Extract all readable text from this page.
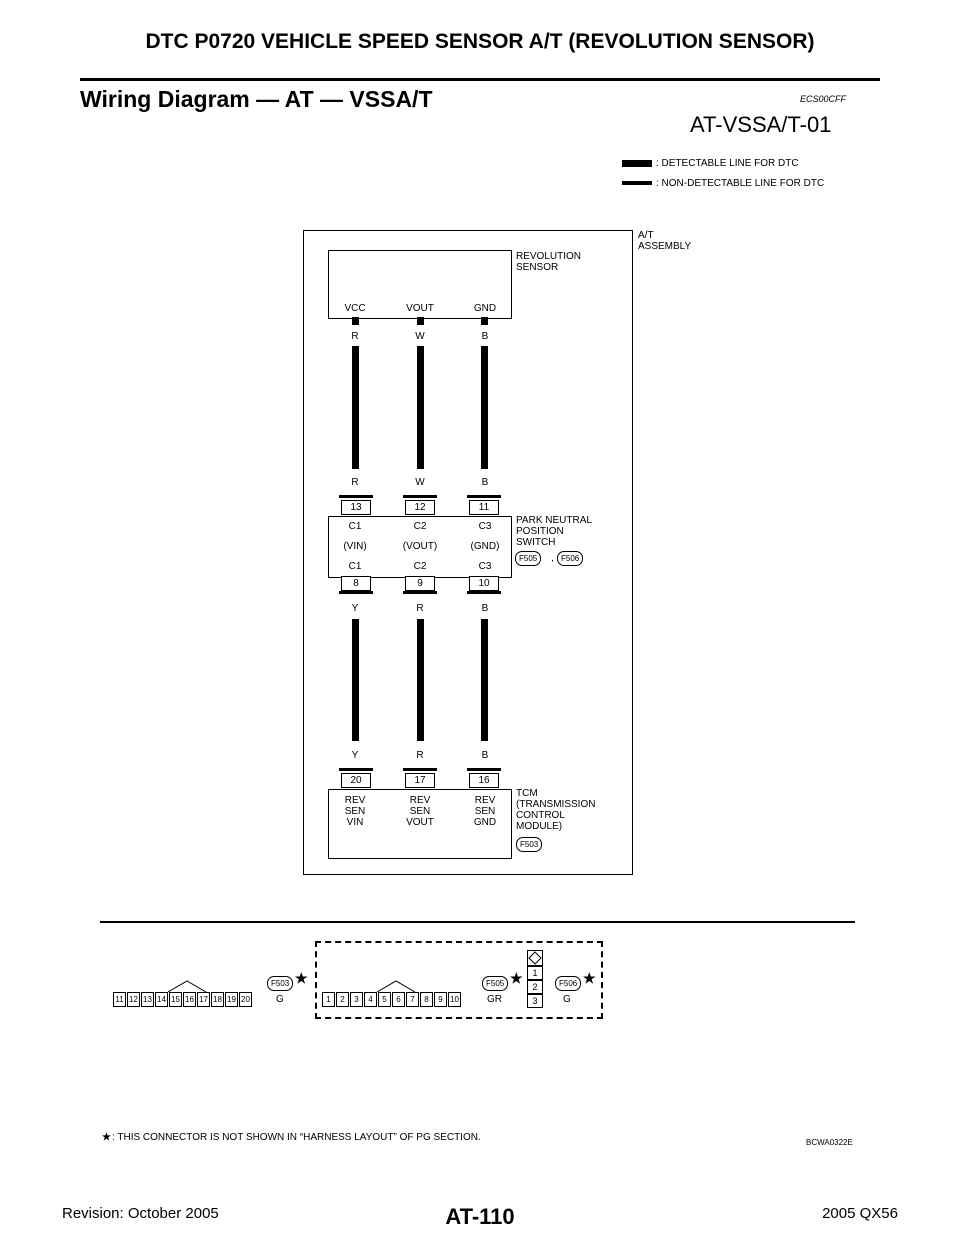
DTC P0720 VEHICLE SPEED SENSOR A/T (REVOLUTION SENSOR)
Wiring Diagram — AT — VSSA/T	ECS00CFF
AT-VSSA/T-01
: DETECTABLE LINE FOR DTC
: NON-DETECTABLE LINE FOR DTC
A/T
ASSEMBLY
REVOLUTION
SENSOR
VCC	VOUT	GND
R	W	B
R	W	B
13	12	11
C1	C2	C3
(VIN)	(VOUT)	(GND)
C1	C2	C3
PARK NEUTRAL
POSITION
SWITCH
F505	, F506
8	9	10
Y	R	B
Y	R	B
20	17	16
REV
SEN
VIN
REV
SEN
VOUT
REV
SEN
GND
TCM
(TRANSMISSION
CONTROL
MODULE)
F503
F503 ★
11 12 13 14 15 16 17 18 19 20	G	1	2	3	4	5	6	7	8	9 10
F505 ★
GR
1
2
3
F506 ★
G
★ : THIS CONNECTOR IS NOT SHOWN IN “HARNESS LAYOUT” OF PG SECTION.	BCWA0322E
Revision: October 2005	AT-110	2005 QX56
